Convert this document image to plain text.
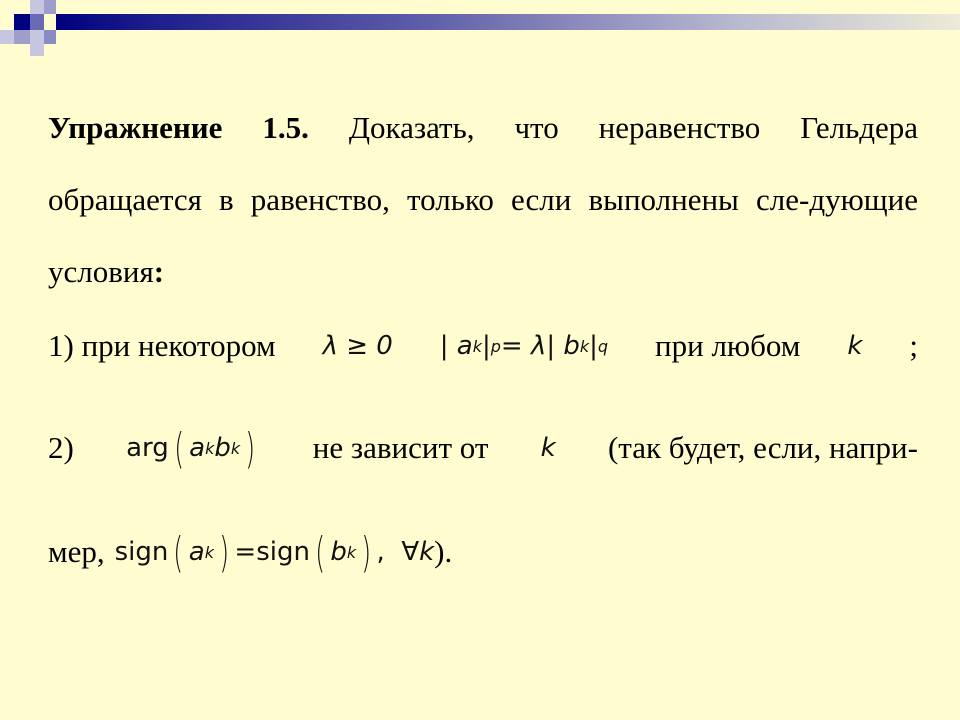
Упражнение 1.5. Доказать, что неравенство Гельдера обращается в равенство, только если выполнены сле-дующие условия:

1) при некотором λ ≥ 0 | a k | p = λ| b k | q при любом k ;
2) arg ( a k b k ) не зависит от k (так будет, если, напри-
мер, sign ( a k ) = sign ( b k ) , ∀ k ).
